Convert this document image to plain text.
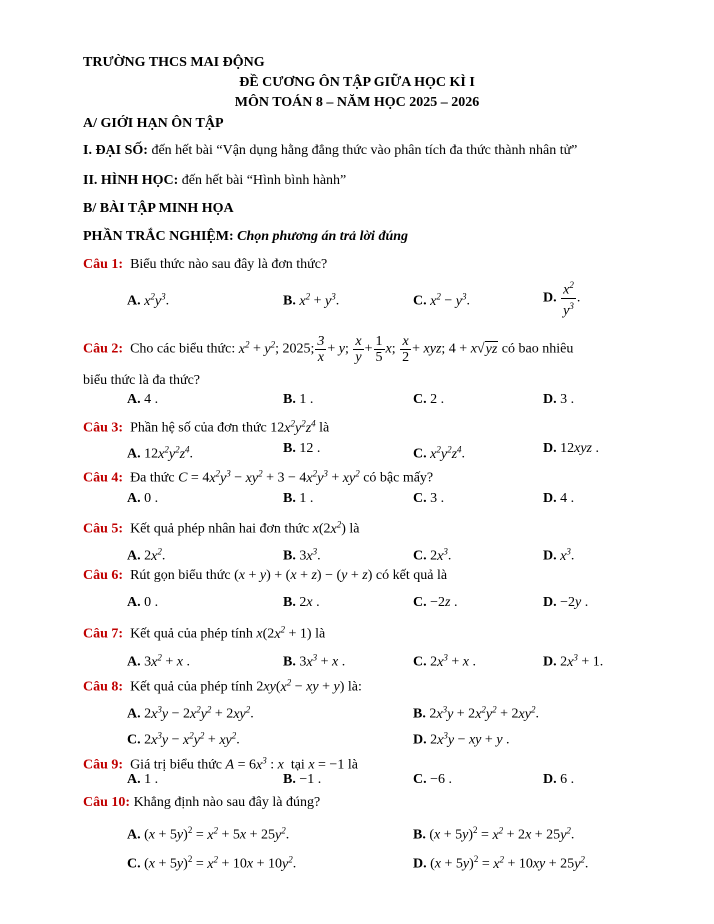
TRƯỜNG THCS MAI ĐỘNG
ĐỀ CƯƠNG ÔN TẬP GIỮA HỌC KÌ I
MÔN TOÁN 8 – NĂM HỌC 2025 – 2026
A/ GIỚI HẠN ÔN TẬP
I. ĐẠI SỐ: đến hết bài “Vận dụng hằng đẳng thức vào phân tích đa thức thành nhân tử”
II. HÌNH HỌC: đến hết bài “Hình bình hành”
B/ BÀI TẬP MINH HỌA
PHẦN TRẮC NGHIỆM: Chọn phương án trả lời đúng
Câu 1: Biểu thức nào sau đây là đơn thức?
A. $x^2y^3$.	B. $x^2 + y^3$.	C. $x^2 - y^3$.	D. $\frac{x^2}{y^3}$ .
Câu 2: Cho các biểu thức: $x^2 + y^2$; 2025; $\frac{3}{x} + y$; $\frac{x}{y} + \frac{1}{5} x$; $\frac{x}{2}$ + xyz; 4 + x√yz có bao nhiêu
biểu thức là đa thức?
A. 4 .	B. 1 .	C. 2 .	D. 3 .
Câu 3: Phần hệ số của đơn thức $12x^2y^2z^4$ là
A. $12x^2y^2z^4$.	B. 12 .	C. $x^2y^2z^4$.	D. 12xyz .
Câu 4: Đa thức $C = 4x^2y^3 - xy^2 + 3 - 4x^2y^3 + xy^2$ có bậc mấy?
A. 0 .	B. 1 .	C. 3 .	D. 4 .
Câu 5: Kết quả phép nhân hai đơn thức $x(2x^2)$ là
A. $2x^2$.	B. $3x^3$.	C. $2x^3$.	D. $x^3$.
Câu 6: Rút gọn biểu thức (x + y) + (x + z) − (y + z) có kết quả là
A. 0 .	B. 2x .	C. −2z .	D. −2y .
Câu 7: Kết quả của phép tính $x(2x^2 + 1)$ là
A. $3x^2 + x$ .	B. $3x^3 + x$ .	C. $2x^3 + x$ .	D. $2x^3 + 1$.
Câu 8: Kết quả của phép tính $2xy(x^2$ − xy + y) là:
A. $2x^3y - 2x^2y^2 + 2xy^2$.	B. $2x^3y + 2x^2y^2 + 2xy^2$.
C. $2x^3y - x^2y^2 + xy^2$.	D. $2x^3y$ − xy + y .
Câu 9: Giá trị biểu thức $A = 6x^3$ : x tại x = −1 là
A. 1 .	B. −1 .	C. −6 .	D. 6 .
Câu 10: Khẳng định nào sau đây là đúng?
A. $(x + 5y)^2 = x^2 + 5x + 25y^2$.	B. $(x + 5y)^2 = x^2 + 2x + 25y^2$.
C. $(x + 5y)^2 = x^2 + 10x + 10y^2$.	D. $(x + 5y)^2 = x^2 + 10xy + 25y^2$.
